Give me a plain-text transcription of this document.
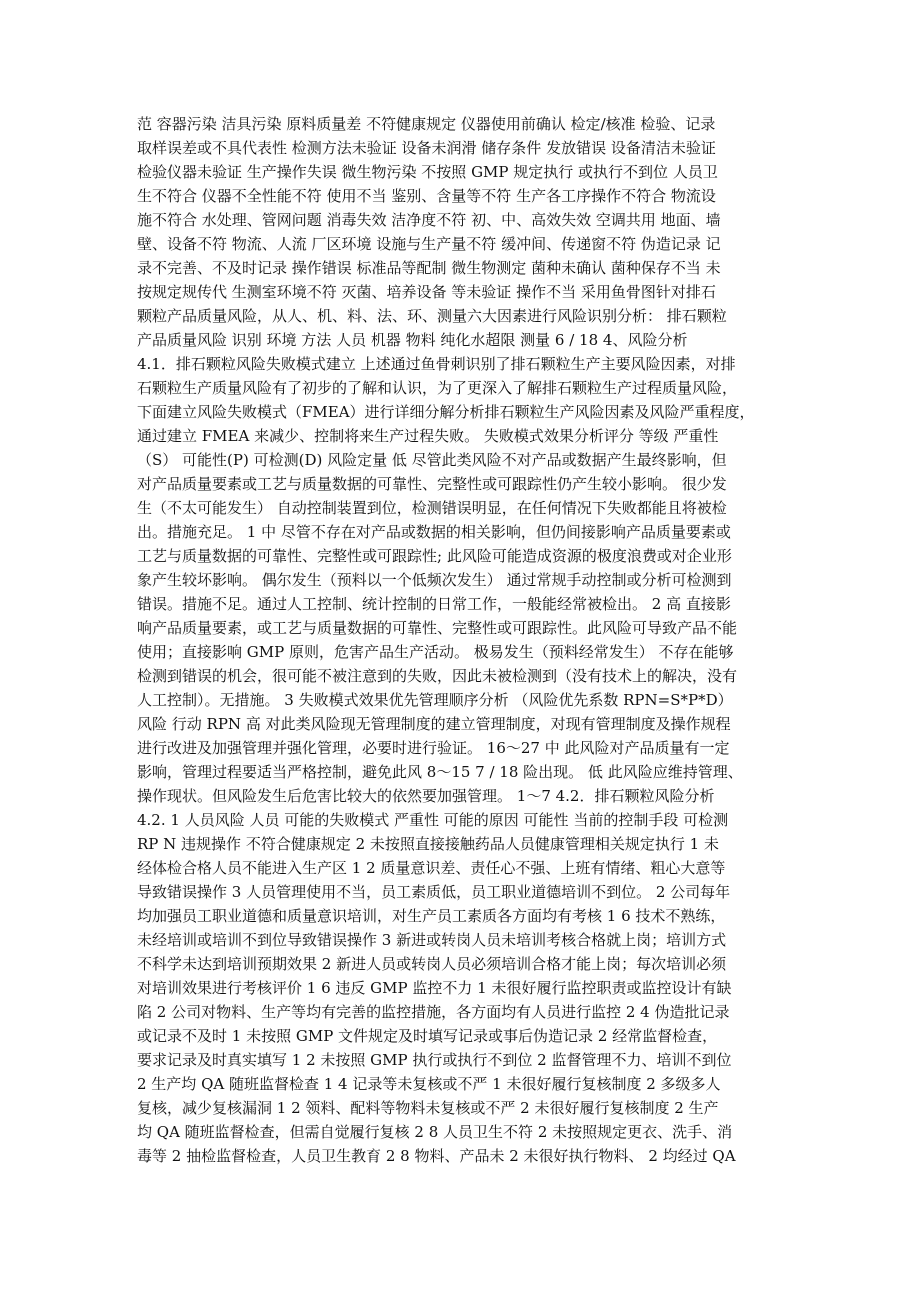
范 容器污染 洁具污染 原料质量差 不符健康规定 仪器使用前确认 检定/核准 检验、记录
取样误差或不具代表性 检测方法未验证 设备未润滑 储存条件 发放错误 设备清洁未验证
检验仪器未验证 生产操作失误 微生物污染 不按照 GMP 规定执行 或执行不到位 人员卫
生不符合 仪器不全性能不符 使用不当 鉴别、含量等不符 生产各工序操作不符合 物流设
施不符合 水处理、管网问题 消毒失效 洁净度不符 初、中、高效失效 空调共用 地面、墙
壁、设备不符 物流、人流 厂区环境 设施与生产量不符 缓冲间、传递窗不符 伪造记录 记
录不完善、不及时记录 操作错误 标准品等配制 微生物测定 菌种未确认 菌种保存不当 未
按规定规传代 生测室环境不符 灭菌、培养设备 等未验证 操作不当 采用鱼骨图针对排石
颗粒产品质量风险，从人、机、料、法、环、测量六大因素进行风险识别分析： 排石颗粒
产品质量风险 识别 环境 方法 人员 机器 物料 纯化水超限 测量 6 / 18 4、风险分析
4.1．排石颗粒风险失败模式建立 上述通过鱼骨刺识别了排石颗粒生产主要风险因素，对排
石颗粒生产质量风险有了初步的了解和认识，为了更深入了解排石颗粒生产过程质量风险，
下面建立风险失败模式（FMEA）进行详细分解分析排石颗粒生产风险因素及风险严重程度，
通过建立 FMEA 来减少、控制将来生产过程失败。 失败模式效果分析评分 等级 严重性
（S） 可能性(P) 可检测(D) 风险定量 低 尽管此类风险不对产品或数据产生最终影响，但
对产品质量要素或工艺与质量数据的可靠性、完整性或可跟踪性仍产生较小影响。 很少发
生（不太可能发生） 自动控制装置到位，检测错误明显，在任何情况下失败都能且将被检
出。措施充足。 1 中 尽管不存在对产品或数据的相关影响，但仍间接影响产品质量要素或
工艺与质量数据的可靠性、完整性或可跟踪性; 此风险可能造成资源的极度浪费或对企业形
象产生较坏影响。 偶尔发生（预料以一个低频次发生） 通过常规手动控制或分析可检测到
错误。措施不足。通过人工控制、统计控制的日常工作，一般能经常被检出。 2 高 直接影
响产品质量要素，或工艺与质量数据的可靠性、完整性或可跟踪性。此风险可导致产品不能
使用；直接影响 GMP 原则，危害产品生产活动。 极易发生（预料经常发生） 不存在能够
检测到错误的机会，很可能不被注意到的失败，因此未被检测到（没有技术上的解决，没有
人工控制）。无措施。 3 失败模式效果优先管理顺序分析 （风险优先系数 RPN=S*P*D）
风险 行动 RPN 高 对此类风险现无管理制度的建立管理制度，对现有管理制度及操作规程
进行改进及加强管理并强化管理，必要时进行验证。 16～27 中 此风险对产品质量有一定
影响，管理过程要适当严格控制，避免此风 8～15 7 / 18 险出现。 低 此风险应维持管理、
操作现状。但风险发生后危害比较大的依然要加强管理。 1～7 4.2．排石颗粒风险分析
4.2. 1 人员风险 人员 可能的失败模式 严重性 可能的原因 可能性 当前的控制手段 可检测
RP N 违规操作 不符合健康规定 2 未按照直接接触药品人员健康管理相关规定执行 1 未
经体检合格人员不能进入生产区 1 2 质量意识差、责任心不强、上班有情绪、粗心大意等
导致错误操作 3 人员管理使用不当，员工素质低，员工职业道德培训不到位。 2 公司每年
均加强员工职业道德和质量意识培训，对生产员工素质各方面均有考核 1 6 技术不熟练，
未经培训或培训不到位导致错误操作 3 新进或转岗人员未培训考核合格就上岗；培训方式
不科学未达到培训预期效果 2 新进人员或转岗人员必须培训合格才能上岗；每次培训必须
对培训效果进行考核评价 1 6 违反 GMP 监控不力 1 未很好履行监控职责或监控设计有缺
陷 2 公司对物料、生产等均有完善的监控措施，各方面均有人员进行监控 2 4 伪造批记录
或记录不及时 1 未按照 GMP 文件规定及时填写记录或事后伪造记录 2 经常监督检查，
要求记录及时真实填写 1 2 未按照 GMP 执行或执行不到位 2 监督管理不力、培训不到位
2 生产均 QA 随班监督检查 1 4 记录等未复核或不严 1 未很好履行复核制度 2 多级多人
复核，减少复核漏洞 1 2 领料、配料等物料未复核或不严 2 未很好履行复核制度 2 生产
均 QA 随班监督检查，但需自觉履行复核 2 8 人员卫生不符 2 未按照规定更衣、洗手、消
毒等 2 抽检监督检查，人员卫生教育 2 8 物料、产品未 2 未很好执行物料、 2 均经过 QA
